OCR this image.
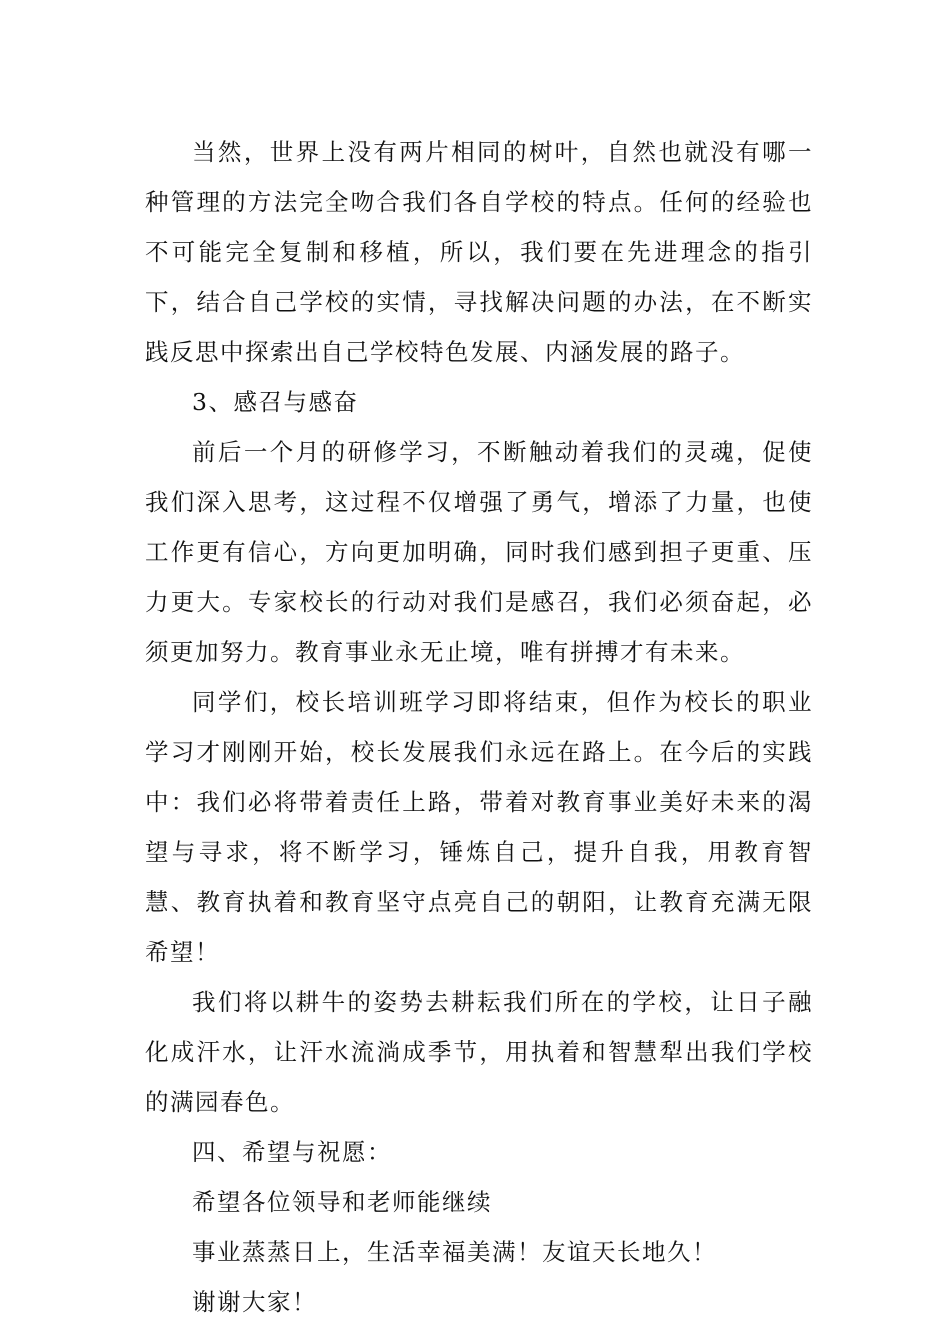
当然，世界上没有两片相同的树叶，自然也就没有哪一种管理的方法完全吻合我们各自学校的特点。任何的经验也不可能完全复制和移植，所以，我们要在先进理念的指引下，结合自己学校的实情，寻找解决问题的办法，在不断实践反思中探索出自己学校特色发展、内涵发展的路子。

3、感召与感奋

前后一个月的研修学习，不断触动着我们的灵魂，促使我们深入思考，这过程不仅增强了勇气，增添了力量，也使工作更有信心，方向更加明确，同时我们感到担子更重、压力更大。专家校长的行动对我们是感召，我们必须奋起，必须更加努力。教育事业永无止境，唯有拼搏才有未来。

同学们，校长培训班学习即将结束，但作为校长的职业学习才刚刚开始，校长发展我们永远在路上。在今后的实践中：我们必将带着责任上路，带着对教育事业美好未来的渴望与寻求，将不断学习，锤炼自己，提升自我，用教育智慧、教育执着和教育坚守点亮自己的朝阳，让教育充满无限希望！

我们将以耕牛的姿势去耕耘我们所在的学校，让日子融化成汗水，让汗水流淌成季节，用执着和智慧犁出我们学校的满园春色。

四、希望与祝愿：

希望各位领导和老师能继续

事业蒸蒸日上，生活幸福美满！友谊天长地久！

谢谢大家！
